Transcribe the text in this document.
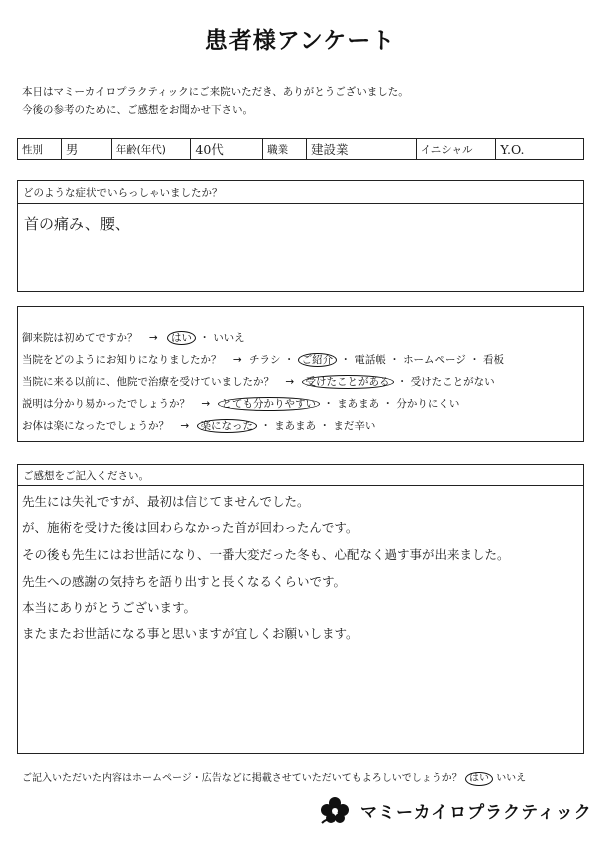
患者様アンケート
本日はマミーカイロプラクティックにご来院いただき、ありがとうございました。
今後の参考のために、ご感想をお聞かせ下さい。
性別	男	年齢(年代)	40代	職業	建設業	イニシャル	Y.O.
どのような症状でいらっしゃいましたか？
首の痛み、腰、
御来院は初めてですか？ → はい ・ いいえ
当院をどのようにお知りになりましたか？ → チラシ ・ ご紹介 ・ 電話帳 ・ ホームページ ・ 看板
当院に来る以前に、他院で治療を受けていましたか？ → 受けたことがある ・ 受けたことがない
説明は分かり易かったでしょうか？ → とても分かりやすい ・ まあまあ ・ 分かりにくい
お体は楽になったでしょうか？ → 楽になった ・ まあまあ ・ まだ辛い
ご感想をご記入ください。
先生には失礼ですが、最初は信じてませんでした。
が、施術を受けた後は回わらなかった首が回わったんです。
その後も先生にはお世話になり、一番大変だった冬も、心配なく過す事が出来ました。
先生への感謝の気持ちを語り出すと長くなるくらいです。
本当にありがとうございます。
またまたお世話になる事と思いますが宜しくお願いします。
ご記入いただいた内容はホームページ・広告などに掲載させていただいてもよろしいでしょうか？ はい いいえ
マミーカイロプラクティック
